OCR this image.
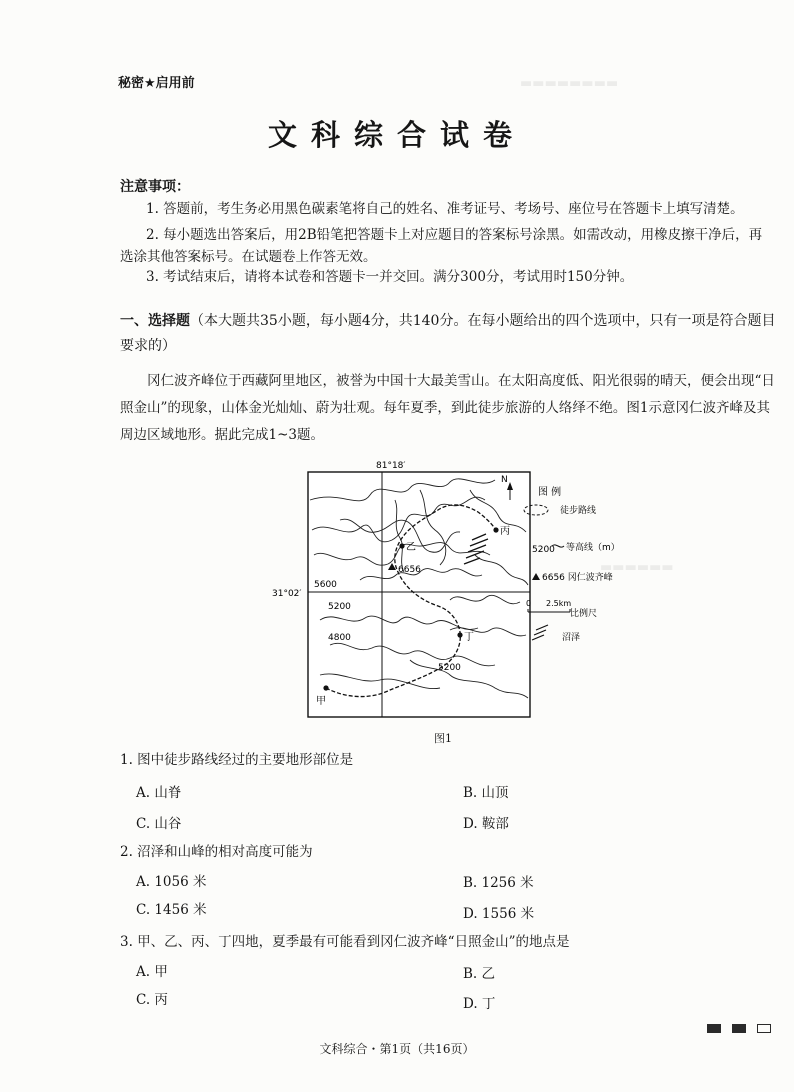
▬▬▬▬▬▬▬▬
▬▬▬▬▬▬
秘密★启用前
文科综合试卷
注意事项：
1. 答题前，考生务必用黑色碳素笔将自己的姓名、准考证号、考场号、座位号在答题卡上填写清楚。
2. 每小题选出答案后，用2B铅笔把答题卡上对应题目的答案标号涂黑。如需改动，用橡皮擦干净后，再
选涂其他答案标号。在试题卷上作答无效。
3. 考试结束后，请将本试卷和答题卡一并交回。满分300分，考试用时150分钟。
一、选择题（本大题共35小题，每小题4分，共140分。在每小题给出的四个选项中，只有一项是符合题目要求的）
冈仁波齐峰位于西藏阿里地区，被誉为中国十大最美雪山。在太阳高度低、阳光很弱的晴天，便会出现“日照金山”的现象，山体金光灿灿、蔚为壮观。每年夏季，到此徒步旅游的人络绎不绝。图1示意冈仁波齐峰及其周边区域地形。据此完成1~3题。
81°18′
31°02′
甲
乙
丙
丁
6656
5600
5200
4800
5200
N
图 例
徒步路线
5200 等高线（m）
6656 冈仁波齐峰
0 2.5km
比例尺
沼泽
图1
1. 图中徒步路线经过的主要地形部位是
A. 山脊	B. 山顶
C. 山谷	D. 鞍部
2. 沼泽和山峰的相对高度可能为
A. 1056 米	B. 1256 米
C. 1456 米	D. 1556 米
3. 甲、乙、丙、丁四地，夏季最有可能看到冈仁波齐峰“日照金山”的地点是
A. 甲	B. 乙
C. 丙	D. 丁
文科综合・第1页（共16页）
